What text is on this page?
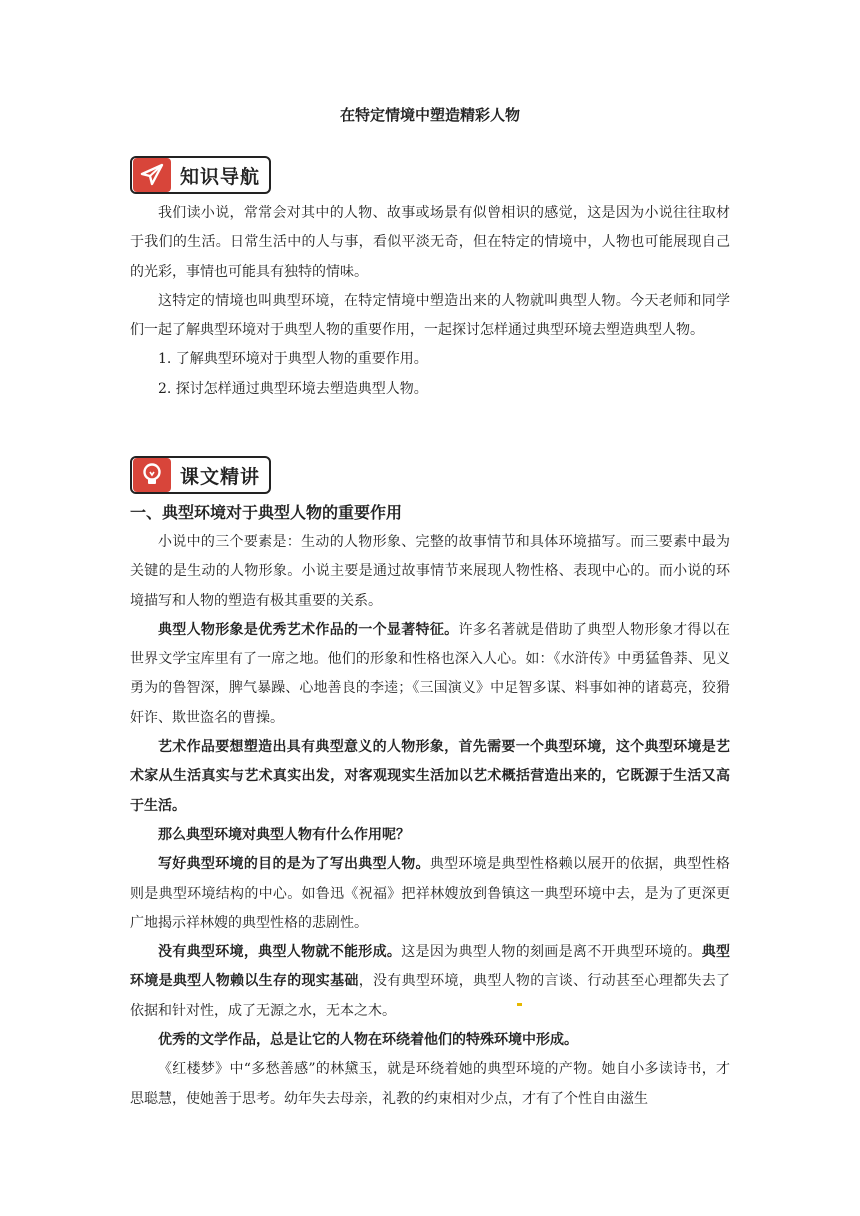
在特定情境中塑造精彩人物
知识导航

我们读小说，常常会对其中的人物、故事或场景有似曾相识的感觉，这是因为小说往往取材于我们的生活。日常生活中的人与事，看似平淡无奇，但在特定的情境中，人物也可能展现自己的光彩，事情也可能具有独特的情味。

这特定的情境也叫典型环境，在特定情境中塑造出来的人物就叫典型人物。今天老师和同学们一起了解典型环境对于典型人物的重要作用，一起探讨怎样通过典型环境去塑造典型人物。

1. 了解典型环境对于典型人物的重要作用。

2. 探讨怎样通过典型环境去塑造典型人物。

课文精讲
一、典型环境对于典型人物的重要作用

小说中的三个要素是：生动的人物形象、完整的故事情节和具体环境描写。而三要素中最为关键的是生动的人物形象。小说主要是通过故事情节来展现人物性格、表现中心的。而小说的环境描写和人物的塑造有极其重要的关系。

典型人物形象是优秀艺术作品的一个显著特征。许多名著就是借助了典型人物形象才得以在世界文学宝库里有了一席之地。他们的形象和性格也深入人心。如：《水浒传》中勇猛鲁莽、见义勇为的鲁智深，脾气暴躁、心地善良的李逵；《三国演义》中足智多谋、料事如神的诸葛亮，狡猾奸诈、欺世盗名的曹操。

艺术作品要想塑造出具有典型意义的人物形象，首先需要一个典型环境，这个典型环境是艺术家从生活真实与艺术真实出发，对客观现实生活加以艺术概括营造出来的，它既源于生活又高于生活。

那么典型环境对典型人物有什么作用呢？

写好典型环境的目的是为了写出典型人物。典型环境是典型性格赖以展开的依据，典型性格则是典型环境结构的中心。如鲁迅《祝福》把祥林嫂放到鲁镇这一典型环境中去，是为了更深更广地揭示祥林嫂的典型性格的悲剧性。

没有典型环境，典型人物就不能形成。这是因为典型人物的刻画是离不开典型环境的。典型环境是典型人物赖以生存的现实基础，没有典型环境，典型人物的言谈、行动甚至心理都失去了依据和针对性，成了无源之水，无本之木。

优秀的文学作品，总是让它的人物在环绕着他们的特殊环境中形成。

《红楼梦》中“多愁善感”的林黛玉，就是环绕着她的典型环境的产物。她自小多读诗书，才思聪慧，使她善于思考。幼年失去母亲，礼教的约束相对少点，才有了个性自由滋生
